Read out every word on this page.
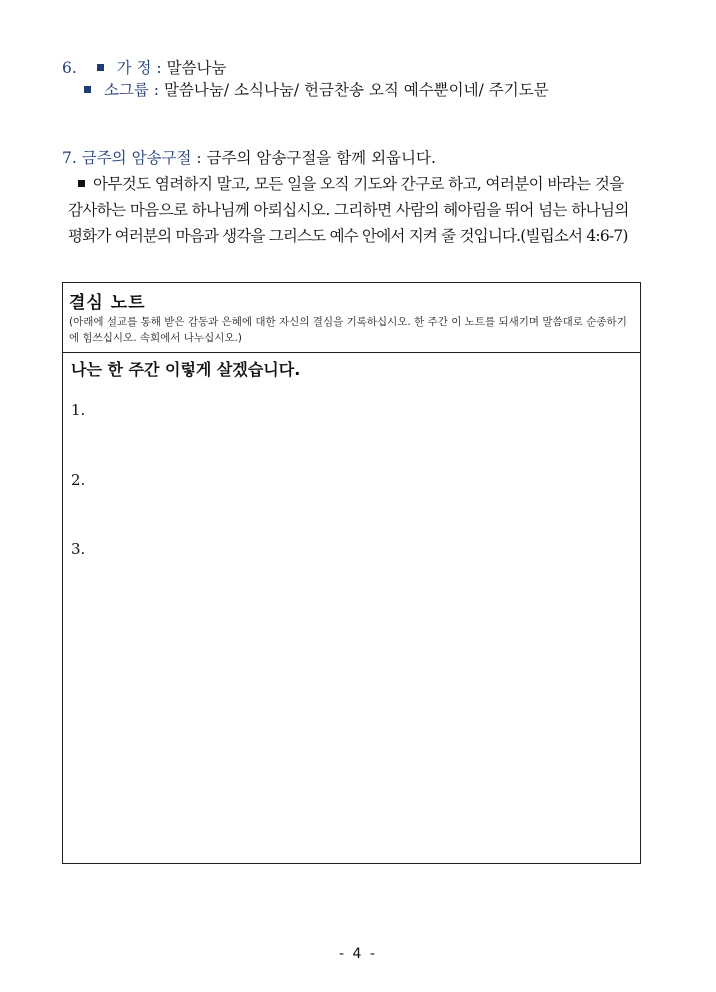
6.	가 정 : 말씀나눔
소그룹 : 말씀나눔/ 소식나눔/ 헌금찬송 오직 예수뿐이네/ 주기도문
7. 금주의 암송구절 : 금주의 암송구절을 함께 외웁니다.
아무것도 염려하지 말고, 모든 일을 오직 기도와 간구로 하고, 여러분이 바라는 것을
감사하는 마음으로 하나님께 아뢰십시오. 그리하면 사람의 헤아림을 뛰어 넘는 하나님의
평화가 여러분의 마음과 생각을 그리스도 예수 안에서 지켜 줄 것입니다.(빌립소서 4:6-7)
결심 노트
(아래에 설교를 통해 받은 감동과 은혜에 대한 자신의 결심을 기록하십시오. 한 주간 이 노트를 되새기며 말씀대로 순종하기에 힘쓰십시오. 속회에서 나누십시오.)
나는 한 주간 이렇게 살겠습니다.
1.
2.
3.
- 4 -
